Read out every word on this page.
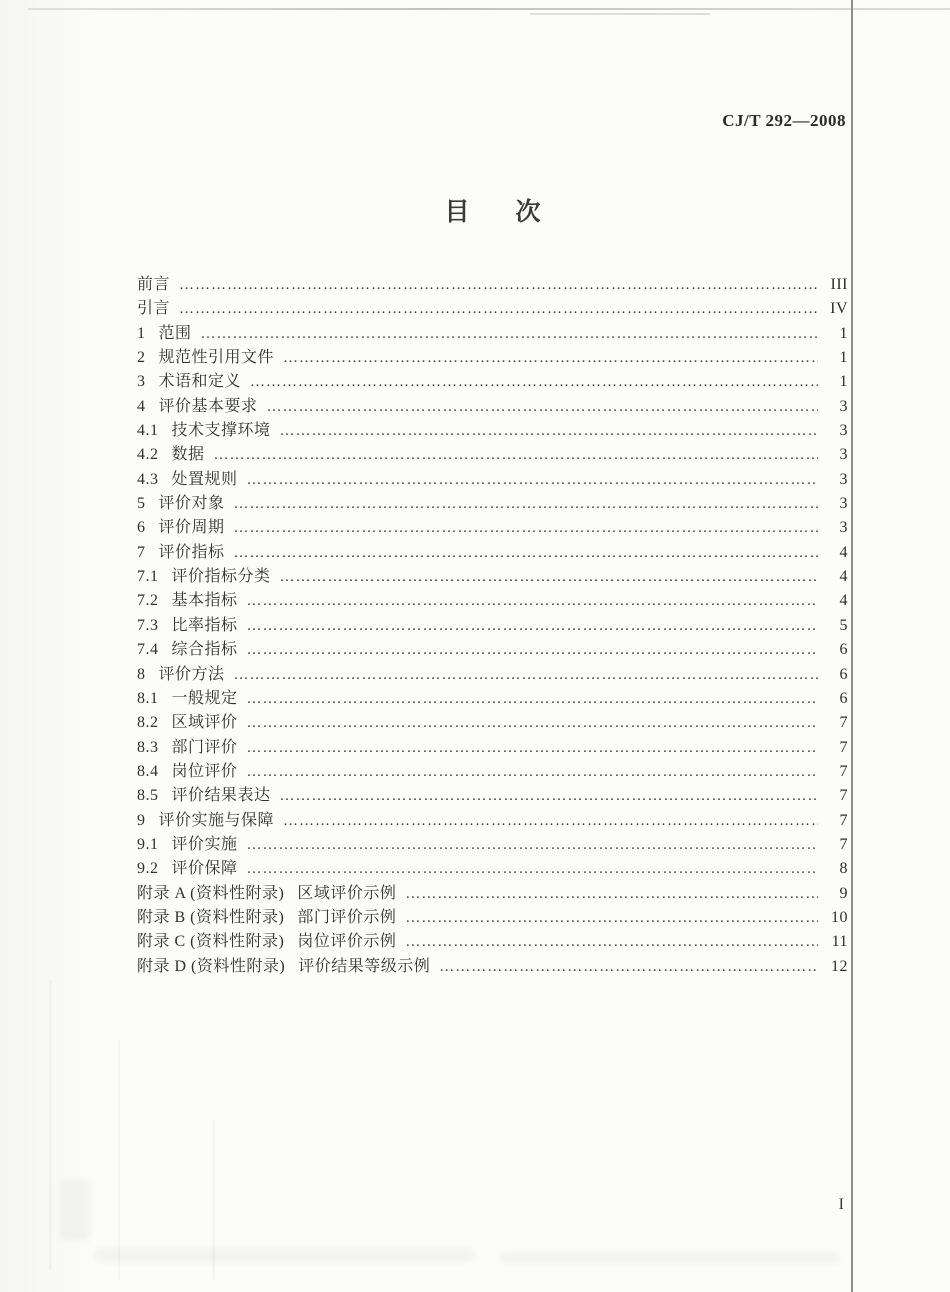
CJ/T 292—2008
目 次
前言 ……………………………………………………………………………………………………………………………………………………	III
引言 ……………………………………………………………………………………………………………………………………………………	IV
1 范围 ……………………………………………………………………………………………………………………………………………………	1
2 规范性引用文件 ……………………………………………………………………………………………………………………………………………………	1
3 术语和定义 ……………………………………………………………………………………………………………………………………………………	1
4 评价基本要求 ……………………………………………………………………………………………………………………………………………………	3
4.1 技术支撑环境 ……………………………………………………………………………………………………………………………………………………	3
4.2 数据 ……………………………………………………………………………………………………………………………………………………	3
4.3 处置规则 ……………………………………………………………………………………………………………………………………………………	3
5 评价对象 ……………………………………………………………………………………………………………………………………………………	3
6 评价周期 ……………………………………………………………………………………………………………………………………………………	3
7 评价指标 ……………………………………………………………………………………………………………………………………………………	4
7.1 评价指标分类 ……………………………………………………………………………………………………………………………………………………	4
7.2 基本指标 ……………………………………………………………………………………………………………………………………………………	4
7.3 比率指标 ……………………………………………………………………………………………………………………………………………………	5
7.4 综合指标 ……………………………………………………………………………………………………………………………………………………	6
8 评价方法 ……………………………………………………………………………………………………………………………………………………	6
8.1 一般规定 ……………………………………………………………………………………………………………………………………………………	6
8.2 区域评价 ……………………………………………………………………………………………………………………………………………………	7
8.3 部门评价 ……………………………………………………………………………………………………………………………………………………	7
8.4 岗位评价 ……………………………………………………………………………………………………………………………………………………	7
8.5 评价结果表达 ……………………………………………………………………………………………………………………………………………………	7
9 评价实施与保障 ……………………………………………………………………………………………………………………………………………………	7
9.1 评价实施 ……………………………………………………………………………………………………………………………………………………	7
9.2 评价保障 ……………………………………………………………………………………………………………………………………………………	8
附录 A (资料性附录) 区域评价示例 ……………………………………………………………………………………………………………………………………………………	9
附录 B (资料性附录) 部门评价示例 ……………………………………………………………………………………………………………………………………………………	10
附录 C (资料性附录) 岗位评价示例 ……………………………………………………………………………………………………………………………………………………	11
附录 D (资料性附录) 评价结果等级示例 ……………………………………………………………………………………………………………………………………………………	12
I
